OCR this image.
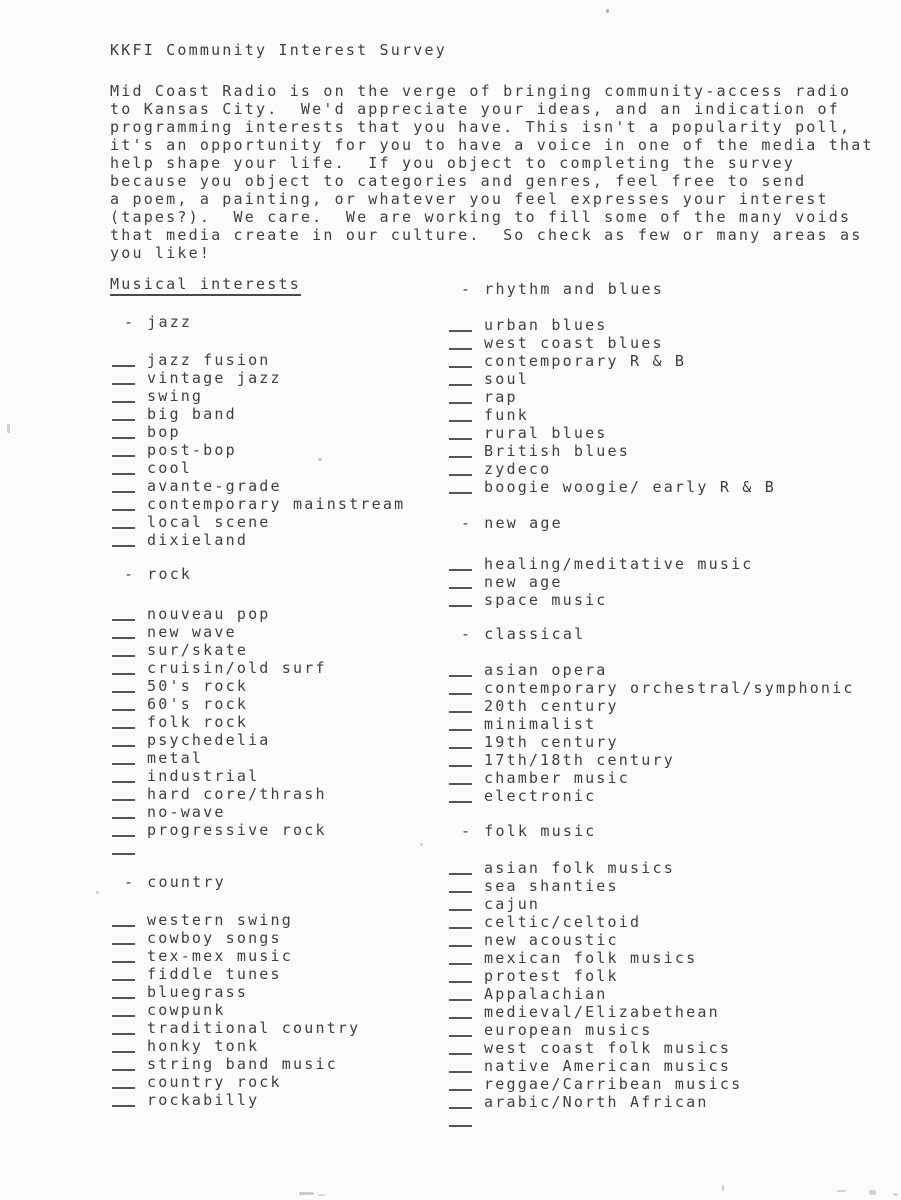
KKFI Community Interest Survey
Mid Coast Radio is on the verge of bringing community-access radio
to Kansas City.  We'd appreciate your ideas, and an indication of
programming interests that you have. This isn't a popularity poll,
it's an opportunity for you to have a voice in one of the media that
help shape your life.  If you object to completing the survey
because you object to categories and genres, feel free to send
a poem, a painting, or whatever you feel expresses your interest
(tapes?).  We care.  We are working to fill some of the many voids
that media create in our culture.  So check as few or many areas as
you like!
Musical interests
- jazz
jazz fusion
vintage jazz
swing
big band
bop
post-bop
cool
avante-grade
contemporary mainstream
local scene
dixieland
- rock
nouveau pop
new wave
sur/skate
cruisin/old surf
50's rock
60's rock
folk rock
psychedelia
metal
industrial
hard core/thrash
no-wave
progressive rock
- country
western swing
cowboy songs
tex-mex music
fiddle tunes
bluegrass
cowpunk
traditional country
honky tonk
string band music
country rock
rockabilly
- rhythm and blues
urban blues
west coast blues
contemporary R & B
soul
rap
funk
rural blues
British blues
zydeco
boogie woogie/ early R & B
- new age
healing/meditative music
new age
space music
- classical
asian opera
contemporary orchestral/symphonic
20th century
minimalist
19th century
17th/18th century
chamber music
electronic
- folk music
asian folk musics
sea shanties
cajun
celtic/celtoid
new acoustic
mexican folk musics
protest folk
Appalachian
medieval/Elizabethean
european musics
west coast folk musics
native American musics
reggae/Carribean musics
arabic/North African
